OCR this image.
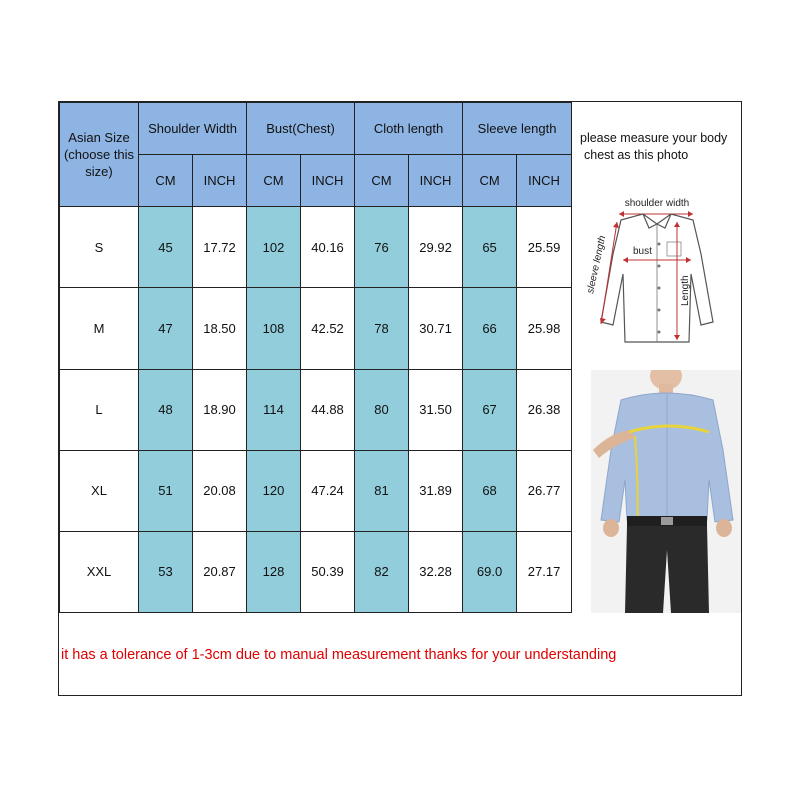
Asian Size
(choose this
size)	Shoulder Width		Bust(Chest)		Cloth length		Sleeve length	
	CM	INCH	CM	INCH	CM	INCH	CM	INCH
S	45	17.72	102	40.16	76	29.92	65	25.59
M	47	18.50	108	42.52	78	30.71	66	25.98
L	48	18.90	114	44.88	80	31.50	67	26.38
XL	51	20.08	120	47.24	81	31.89	68	26.77
XXL	53	20.87	128	50.39	82	32.28	69.0	27.17
please measure your body
chest as this photo
shoulder width
bust
Length
sleeve length
it has a tolerance of 1-3cm due to manual measurement thanks for your understanding
